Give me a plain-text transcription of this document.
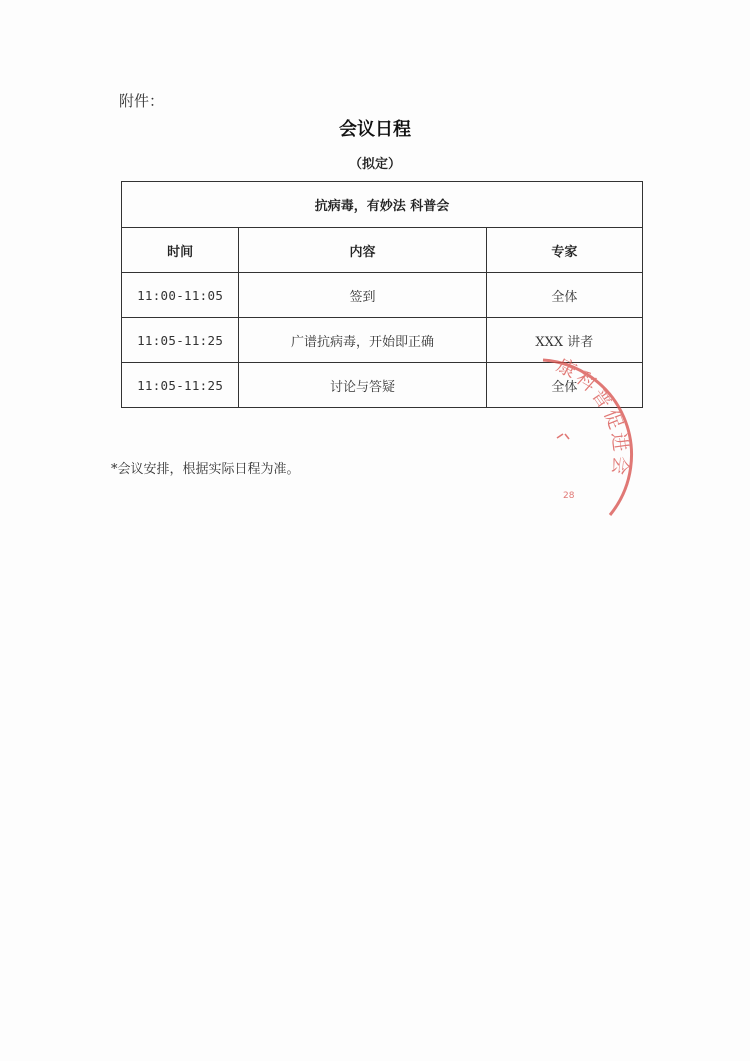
附件：
会议日程
（拟定）
抗病毒，有妙法 科普会		
时间	内容	专家
11:00-11:05	签到	全体
11:05-11:25	广谱抗病毒，开始即正确	XXX 讲者
11:05-11:25	讨论与答疑	全体
*会议安排，根据实际日程为准。
康科普促进会
28
